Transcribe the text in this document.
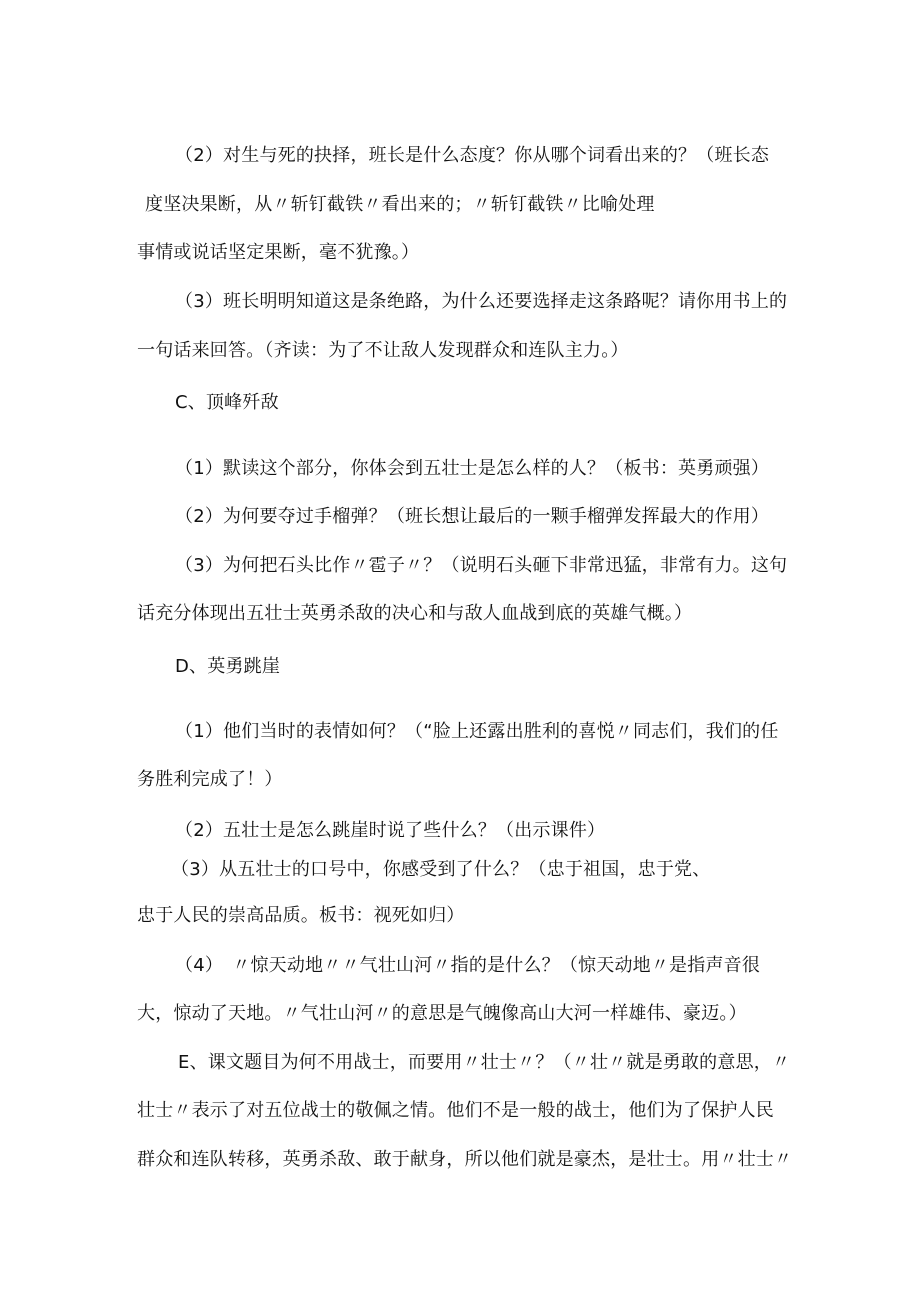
（2）对生与死的抉择，班长是什么态度？你从哪个词看出来的？（班长态
度坚决果断，从〃斩钉截铁〃看出来的；〃斩钉截铁〃比喻处理
事情或说话坚定果断，毫不犹豫。）
（3）班长明明知道这是条绝路，为什么还要选择走这条路呢？请你用书上的
一句话来回答。（齐读：为了不让敌人发现群众和连队主力。）
C、顶峰歼敌
（1）默读这个部分，你体会到五壮士是怎么样的人？（板书：英勇顽强）
（2）为何要夺过手榴弹？（班长想让最后的一颗手榴弹发挥最大的作用）
（3）为何把石头比作〃雹子〃？（说明石头砸下非常迅猛，非常有力。这句
话充分体现出五壮士英勇杀敌的决心和与敌人血战到底的英雄气概。）
D、英勇跳崖
（1）他们当时的表情如何？（“脸上还露出胜利的喜悦〃同志们，我们的任
务胜利完成了！）
（2）五壮士是怎么跳崖时说了些什么？（出示课件）
（3）从五壮士的口号中，你感受到了什么？（忠于祖国，忠于党、
忠于人民的崇高品质。板书：视死如归）
（4）　〃惊天动地〃〃气壮山河〃指的是什么？（惊天动地〃是指声音很
大，惊动了天地。〃气壮山河〃的意思是气魄像高山大河一样雄伟、豪迈。）
E、课文题目为何不用战士，而要用〃壮士〃？（〃壮〃就是勇敢的意思，〃
壮士〃表示了对五位战士的敬佩之情。他们不是一般的战士，他们为了保护人民
群众和连队转移，英勇杀敌、敢于献身，所以他们就是豪杰，是壮士。用〃壮士〃
